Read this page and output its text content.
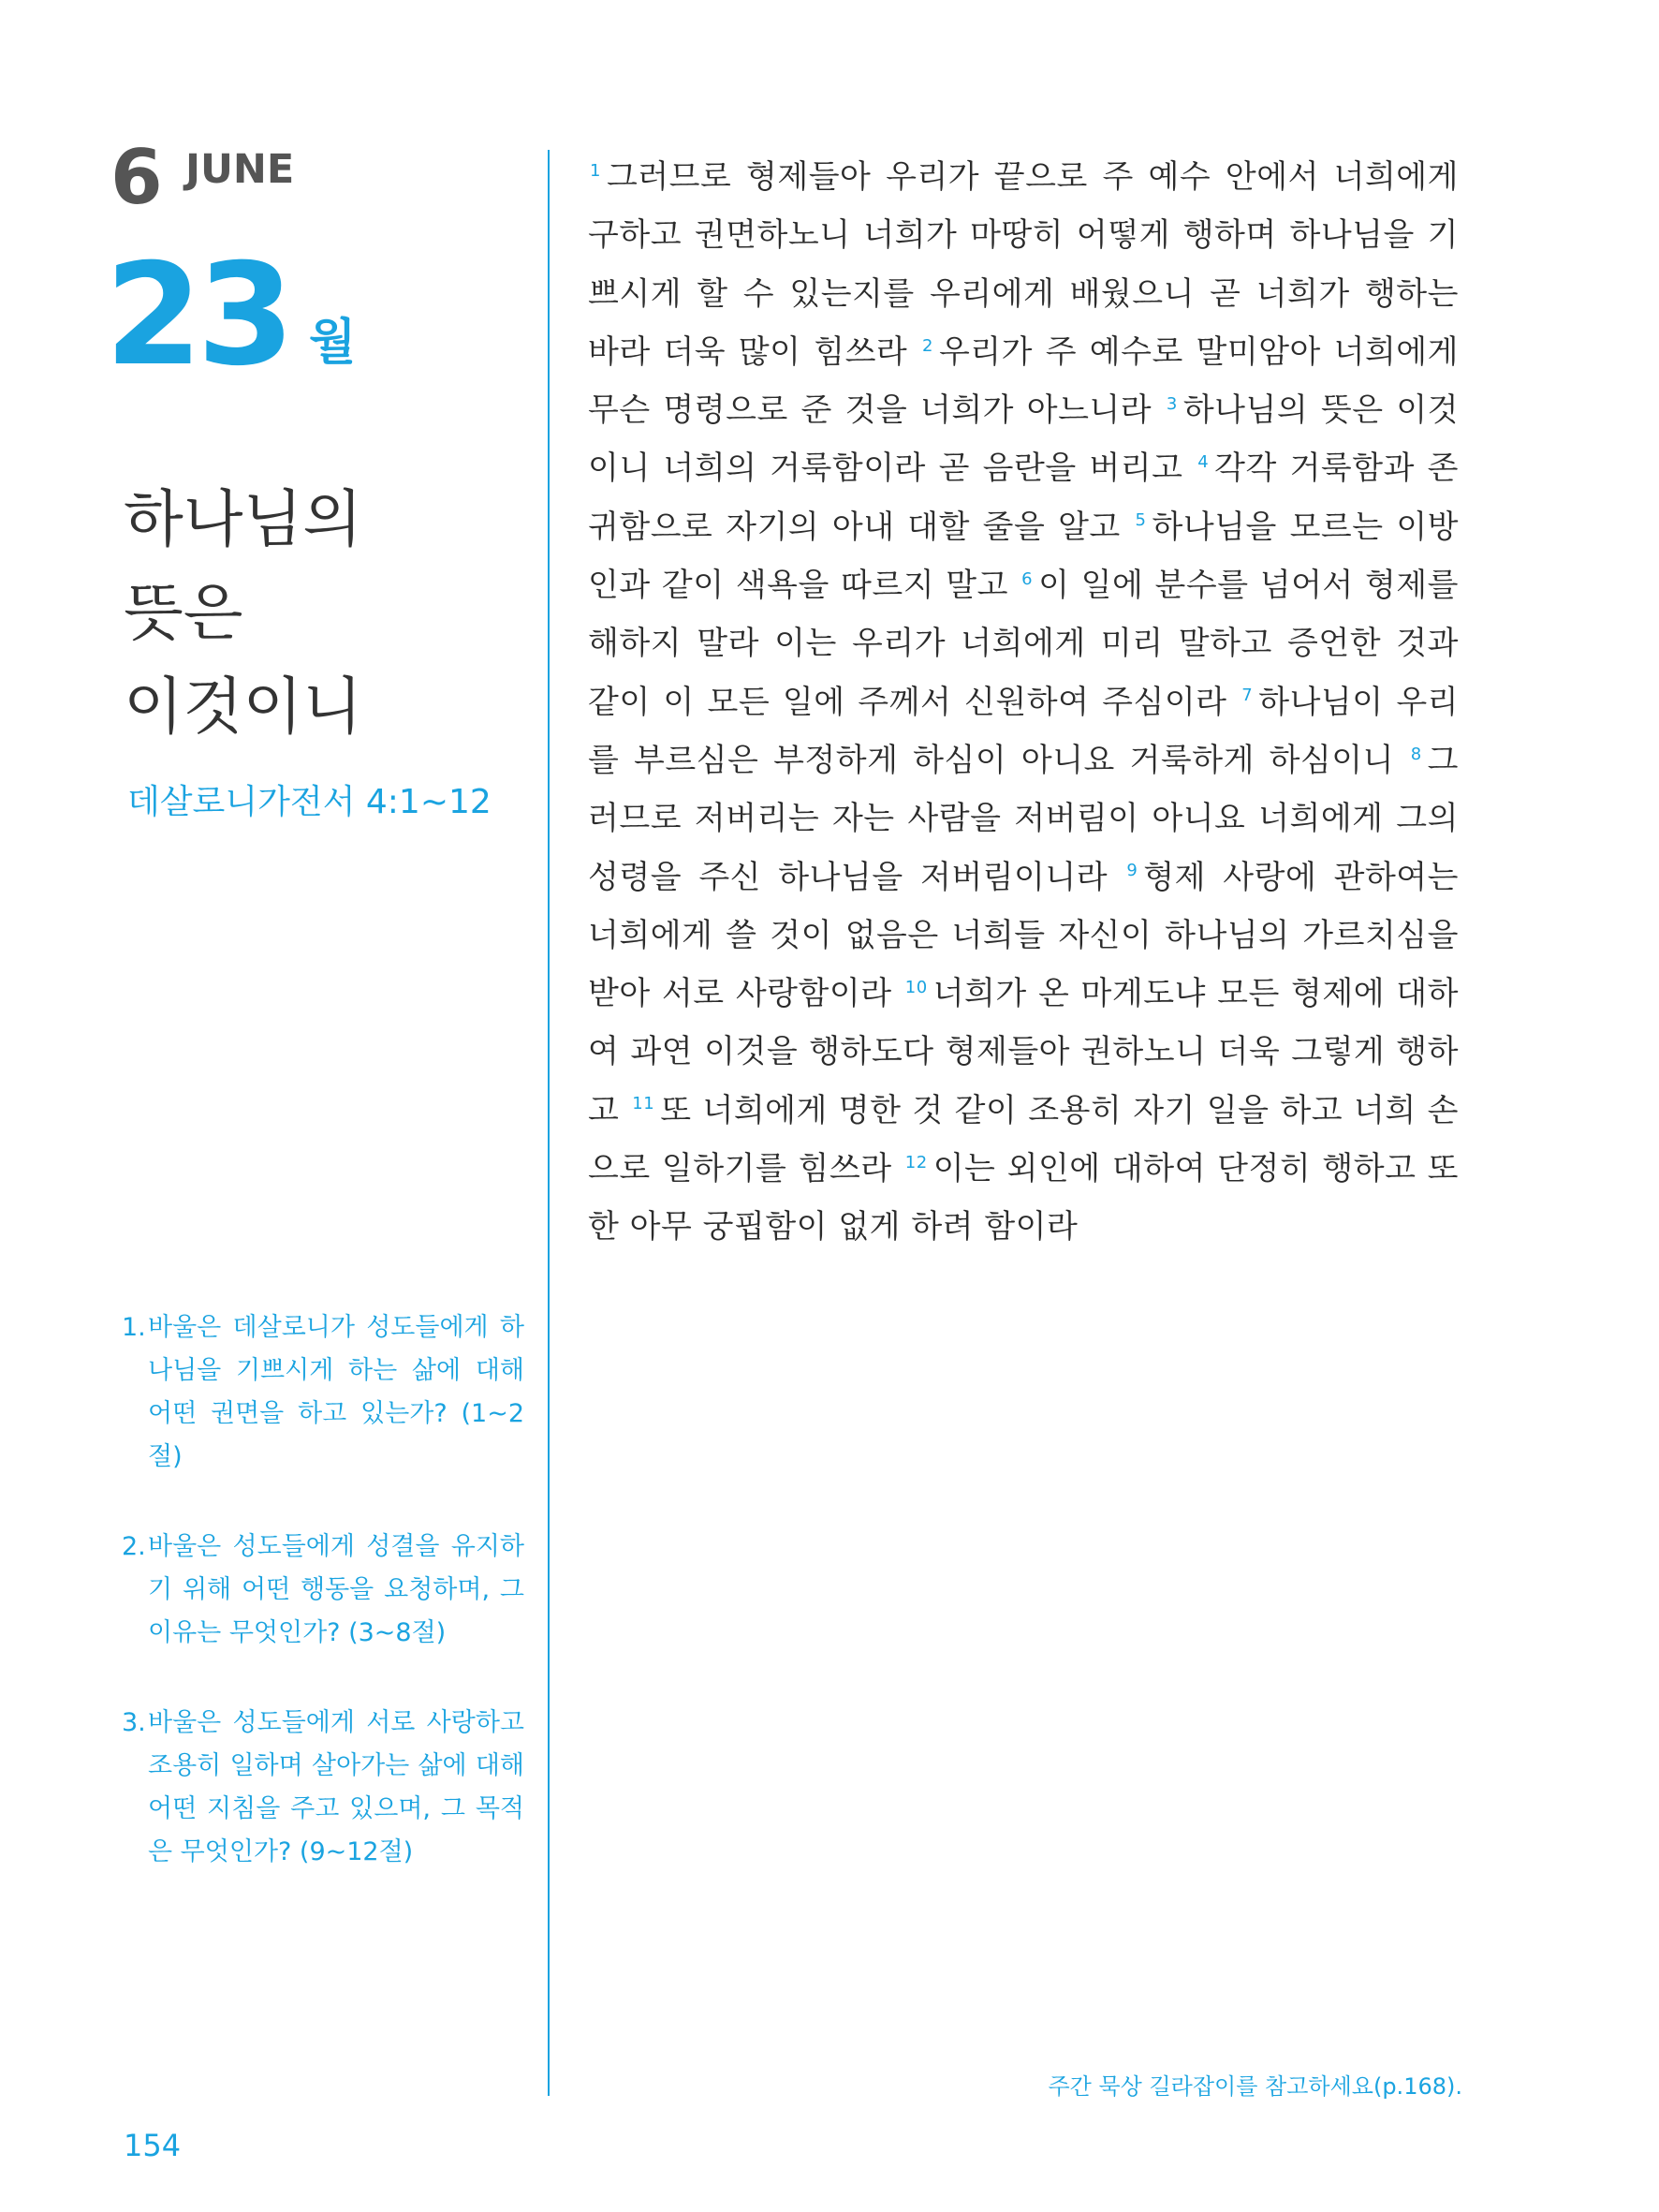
6 JUNE
23 월
하나님의
뜻은
이것이니
데살로니가전서 4:1~12
1. 바울은 데살로니가 성도들에게 하나님을 기쁘시게 하는 삶에 대해 어떤 권면을 하고 있는가? (1~2절)
2. 바울은 성도들에게 성결을 유지하기 위해 어떤 행동을 요청하며, 그 이유는 무엇인가? (3~8절)
3. 바울은 성도들에게 서로 사랑하고 조용히 일하며 살아가는 삶에 대해 어떤 지침을 주고 있으며, 그 목적은 무엇인가? (9~12절)

1 그러므로 형제들아 우리가 끝으로 주 예수 안에서 너희에게 구하고 권면하노니 너희가 마땅히 어떻게 행하며 하나님을 기쁘시게 할 수 있는지를 우리에게 배웠으니 곧 너희가 행하는 바라 더욱 많이 힘쓰라 2 우리가 주 예수로 말미암아 너희에게 무슨 명령으로 준 것을 너희가 아느니라 3 하나님의 뜻은 이것이니 너희의 거룩함이라 곧 음란을 버리고 4 각각 거룩함과 존귀함으로 자기의 아내 대할 줄을 알고 5 하나님을 모르는 이방인과 같이 색욕을 따르지 말고 6 이 일에 분수를 넘어서 형제를 해하지 말라 이는 우리가 너희에게 미리 말하고 증언한 것과 같이 이 모든 일에 주께서 신원하여 주심이라 7 하나님이 우리를 부르심은 부정하게 하심이 아니요 거룩하게 하심이니 8 그러므로 저버리는 자는 사람을 저버림이 아니요 너희에게 그의 성령을 주신 하나님을 저버림이니라 9 형제 사랑에 관하여는 너희에게 쓸 것이 없음은 너희들 자신이 하나님의 가르치심을 받아 서로 사랑함이라 10 너희가 온 마게도냐 모든 형제에 대하여 과연 이것을 행하도다 형제들아 권하노니 더욱 그렇게 행하고 11 또 너희에게 명한 것 같이 조용히 자기 일을 하고 너희 손으로 일하기를 힘쓰라 12 이는 외인에 대하여 단정히 행하고 또한 아무 궁핍함이 없게 하려 함이라

주간 묵상 길라잡이를 참고하세요(p.168).
154
